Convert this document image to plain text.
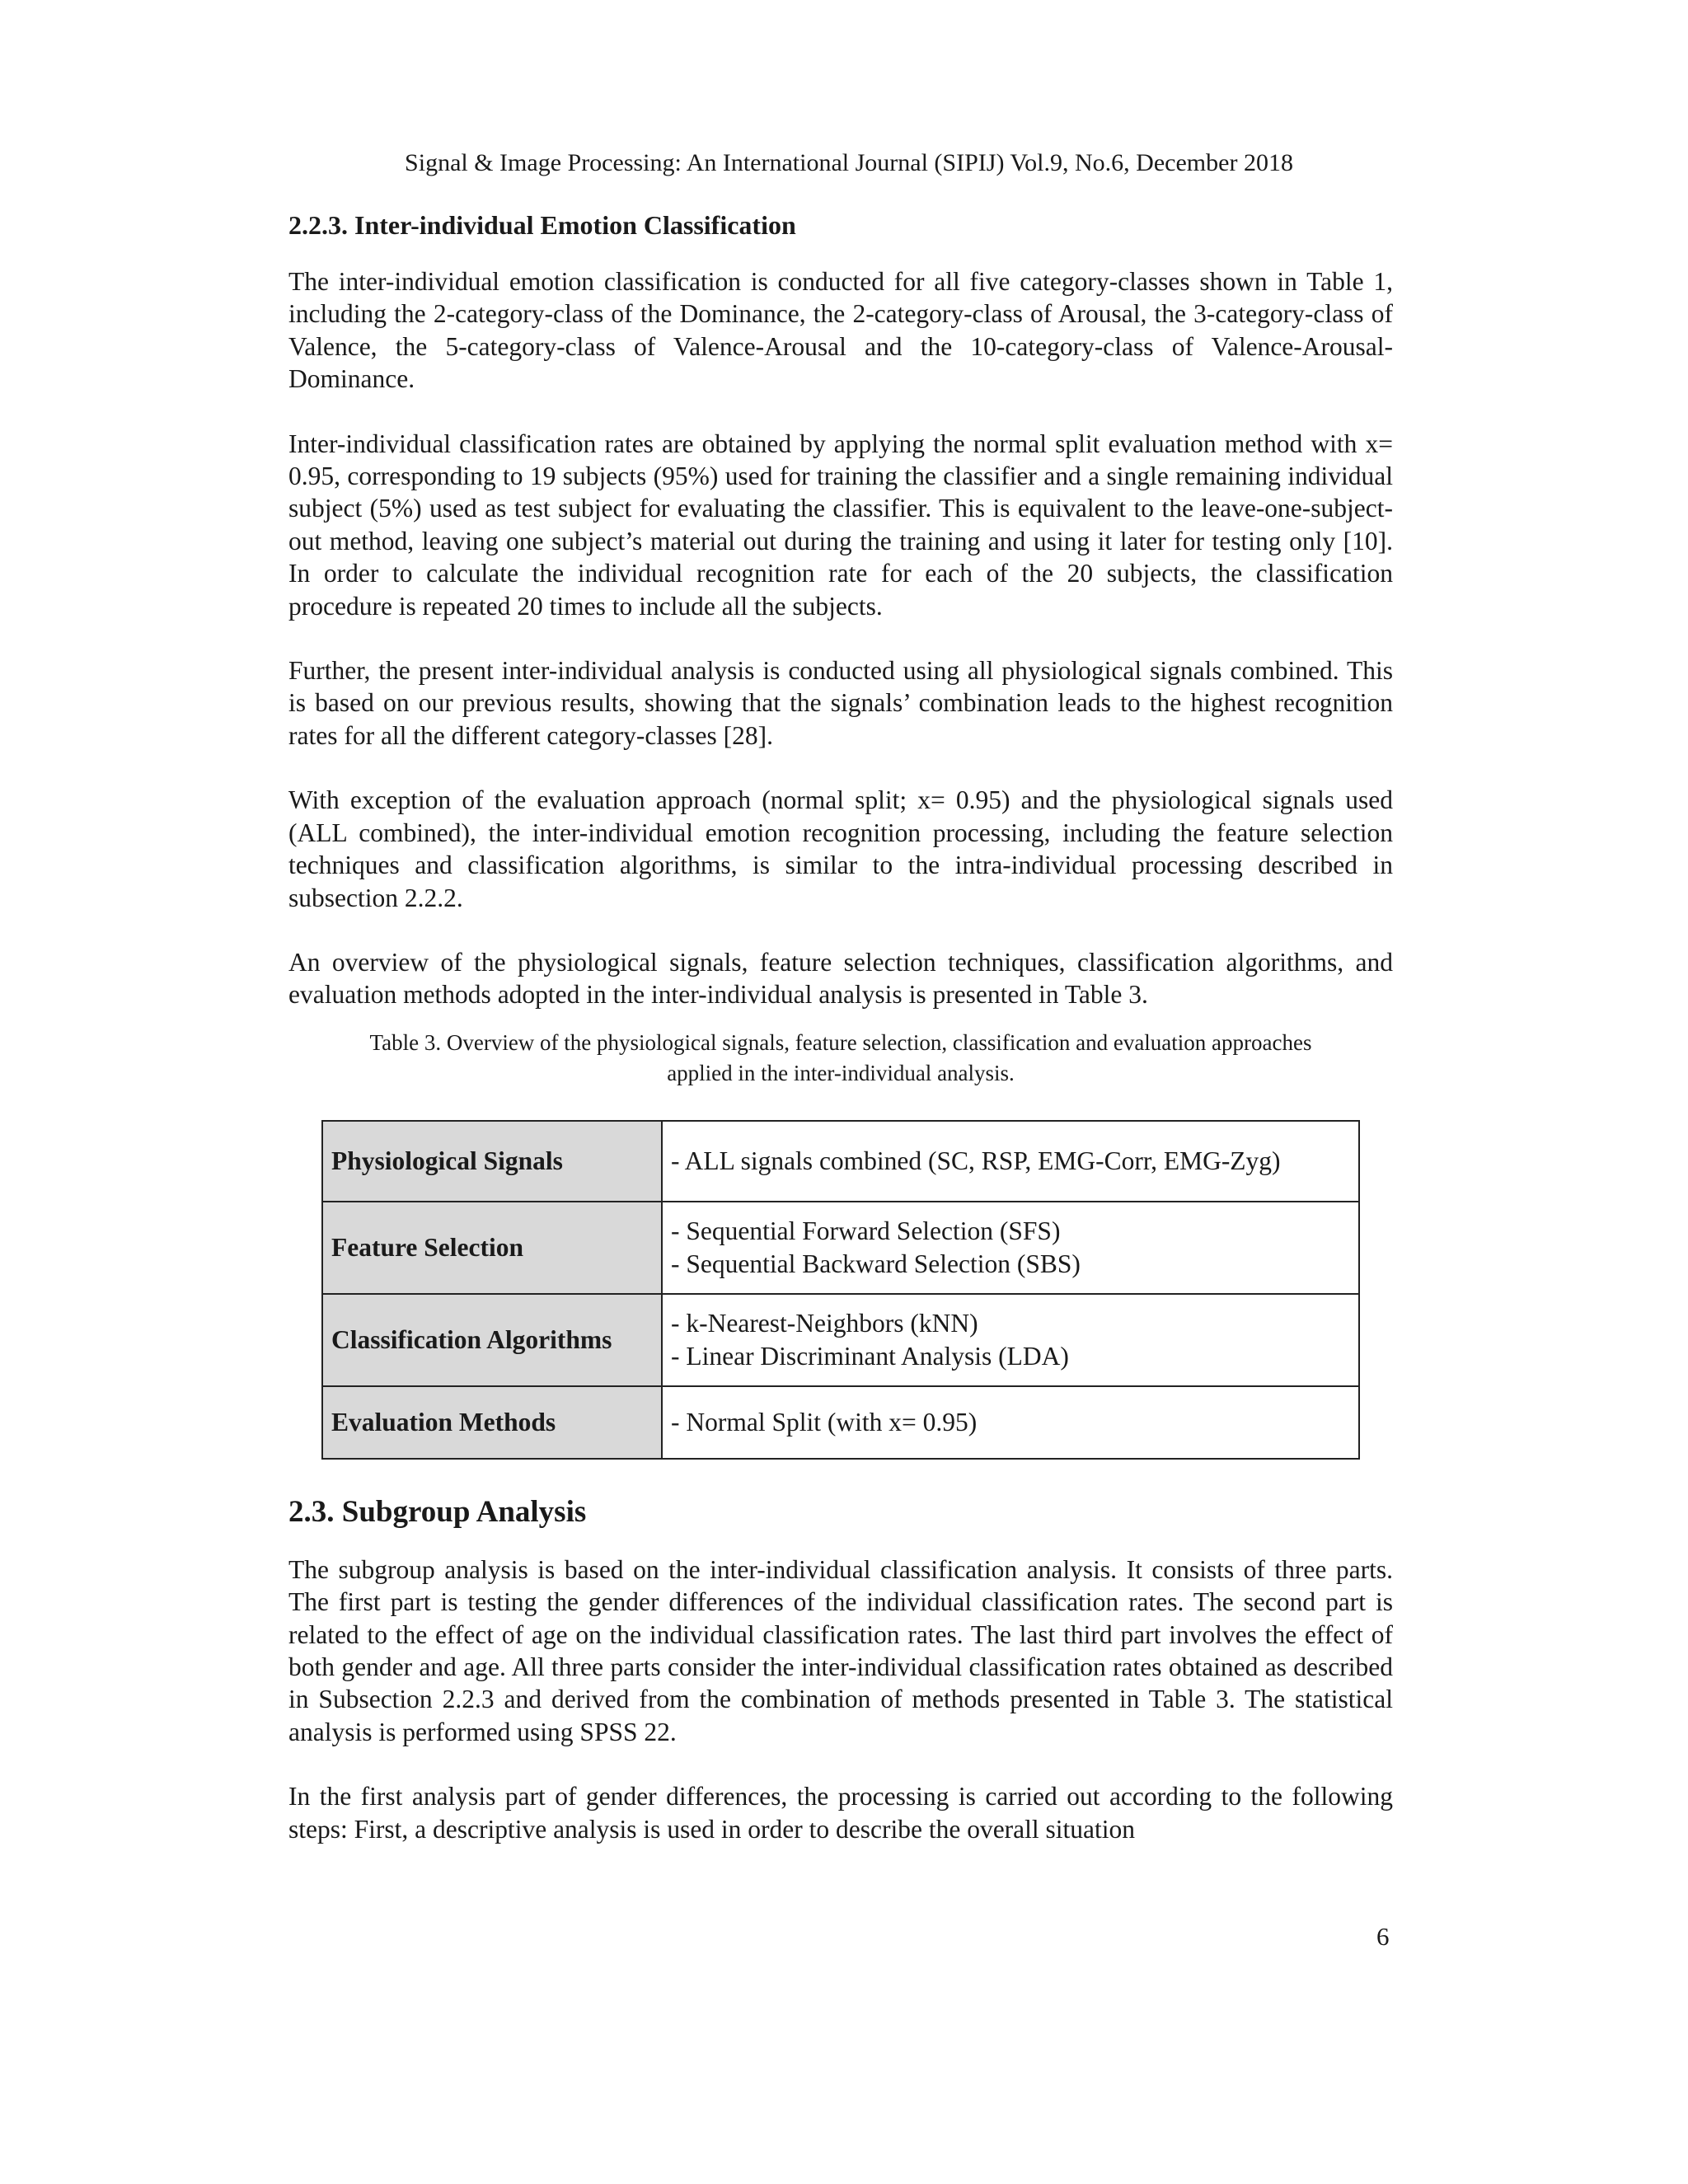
Signal & Image Processing: An International Journal (SIPIJ) Vol.9, No.6, December 2018
2.2.3. Inter-individual Emotion Classification

The inter-individual emotion classification is conducted for all five category-classes shown in Table 1, including the 2-category-class of the Dominance, the 2-category-class of Arousal, the 3-category-class of Valence, the 5-category-class of Valence-Arousal and the 10-category-class of Valence-Arousal-Dominance.

Inter-individual classification rates are obtained by applying the normal split evaluation method with x= 0.95, corresponding to 19 subjects (95%) used for training the classifier and a single remaining individual subject (5%) used as test subject for evaluating the classifier. This is equivalent to the leave-one-subject-out method, leaving one subject’s material out during the training and using it later for testing only [10]. In order to calculate the individual recognition rate for each of the 20 subjects, the classification procedure is repeated 20 times to include all the subjects.

Further, the present inter-individual analysis is conducted using all physiological signals combined. This is based on our previous results, showing that the signals’ combination leads to the highest recognition rates for all the different category-classes [28].

With exception of the evaluation approach (normal split; x= 0.95) and the physiological signals used (ALL combined), the inter-individual emotion recognition processing, including the feature selection techniques and classification algorithms, is similar to the intra-individual processing described in subsection 2.2.2.

An overview of the physiological signals, feature selection techniques, classification algorithms, and evaluation methods adopted in the inter-individual analysis is presented in Table 3.

Table 3. Overview of the physiological signals, feature selection, classification and evaluation approaches
applied in the inter-individual analysis.
Physiological Signals	- ALL signals combined (SC, RSP, EMG-Corr, EMG-Zyg)

Feature Selection	- Sequential Forward Selection (SFS)
- Sequential Backward Selection (SBS)

Classification Algorithms	- k-Nearest-Neighbors (kNN)
- Linear Discriminant Analysis (LDA)

Evaluation Methods	- Normal Split (with x= 0.95)
2.3. Subgroup Analysis

The subgroup analysis is based on the inter-individual classification analysis. It consists of three parts. The first part is testing the gender differences of the individual classification rates. The second part is related to the effect of age on the individual classification rates. The last third part involves the effect of both gender and age. All three parts consider the inter-individual classification rates obtained as described in Subsection 2.2.3 and derived from the combination of methods presented in Table 3. The statistical analysis is performed using SPSS 22.

In the first analysis part of gender differences, the processing is carried out according to the following steps: First, a descriptive analysis is used in order to describe the overall situation

6
